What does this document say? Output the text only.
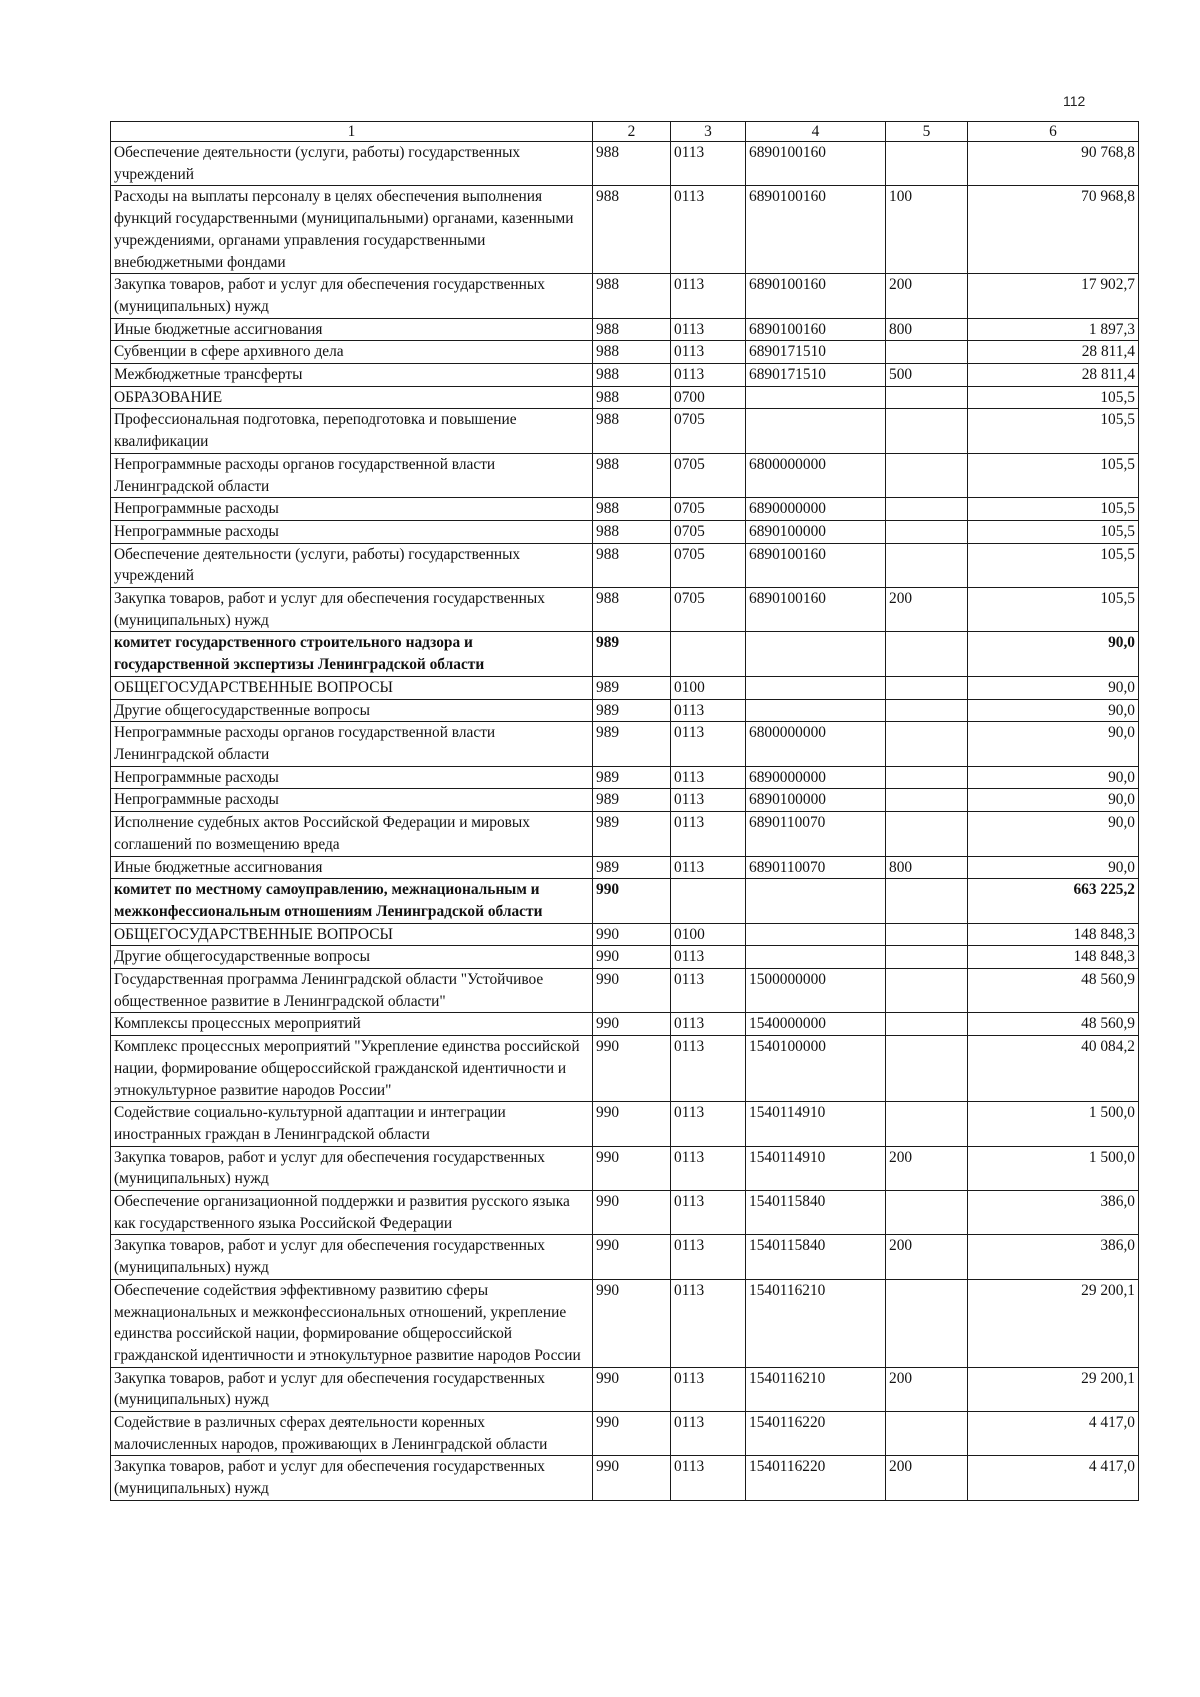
112
1	2	3	4	5	6
Обеспечение деятельности (услуги, работы) государственных учреждений	988	0113	6890100160		90 768,8
Расходы на выплаты персоналу в целях обеспечения выполнения функций государственными (муниципальными) органами, казенными учреждениями, органами управления государственными внебюджетными фондами	988	0113	6890100160	100	70 968,8
Закупка товаров, работ и услуг для обеспечения государственных (муниципальных) нужд	988	0113	6890100160	200	17 902,7
Иные бюджетные ассигнования	988	0113	6890100160	800	1 897,3
Субвенции в сфере архивного дела	988	0113	6890171510		28 811,4
Межбюджетные трансферты	988	0113	6890171510	500	28 811,4
ОБРАЗОВАНИЕ	988	0700			105,5
Профессиональная подготовка, переподготовка и повышение квалификации	988	0705			105,5
Непрограммные расходы органов государственной власти Ленинградской области	988	0705	6800000000		105,5
Непрограммные расходы	988	0705	6890000000		105,5
Непрограммные расходы	988	0705	6890100000		105,5
Обеспечение деятельности (услуги, работы) государственных учреждений	988	0705	6890100160		105,5
Закупка товаров, работ и услуг для обеспечения государственных (муниципальных) нужд	988	0705	6890100160	200	105,5
комитет государственного строительного надзора и государственной экспертизы Ленинградской области	989				90,0
ОБЩЕГОСУДАРСТВЕННЫЕ ВОПРОСЫ	989	0100			90,0
Другие общегосударственные вопросы	989	0113			90,0
Непрограммные расходы органов государственной власти Ленинградской области	989	0113	6800000000		90,0
Непрограммные расходы	989	0113	6890000000		90,0
Непрограммные расходы	989	0113	6890100000		90,0
Исполнение судебных актов Российской Федерации и мировых соглашений по возмещению вреда	989	0113	6890110070		90,0
Иные бюджетные ассигнования	989	0113	6890110070	800	90,0
комитет по местному самоуправлению, межнациональным и межконфессиональным отношениям Ленинградской области	990				663 225,2
ОБЩЕГОСУДАРСТВЕННЫЕ ВОПРОСЫ	990	0100			148 848,3
Другие общегосударственные вопросы	990	0113			148 848,3
Государственная программа Ленинградской области "Устойчивое общественное развитие в Ленинградской области"	990	0113	1500000000		48 560,9
Комплексы процессных мероприятий	990	0113	1540000000		48 560,9
Комплекс процессных мероприятий "Укрепление единства российской нации, формирование общероссийской гражданской идентичности и этнокультурное развитие народов России"	990	0113	1540100000		40 084,2
Содействие социально-культурной адаптации и интеграции иностранных граждан в Ленинградской области	990	0113	1540114910		1 500,0
Закупка товаров, работ и услуг для обеспечения государственных (муниципальных) нужд	990	0113	1540114910	200	1 500,0
Обеспечение организационной поддержки и развития русского языка как государственного языка Российской Федерации	990	0113	1540115840		386,0
Закупка товаров, работ и услуг для обеспечения государственных (муниципальных) нужд	990	0113	1540115840	200	386,0
Обеспечение содействия эффективному развитию сферы межнациональных и межконфессиональных отношений, укрепление единства российской нации, формирование общероссийской гражданской идентичности и этнокультурное развитие народов России	990	0113	1540116210		29 200,1
Закупка товаров, работ и услуг для обеспечения государственных (муниципальных) нужд	990	0113	1540116210	200	29 200,1
Содействие в различных сферах деятельности коренных малочисленных народов, проживающих в Ленинградской области	990	0113	1540116220		4 417,0
Закупка товаров, работ и услуг для обеспечения государственных (муниципальных) нужд	990	0113	1540116220	200	4 417,0
